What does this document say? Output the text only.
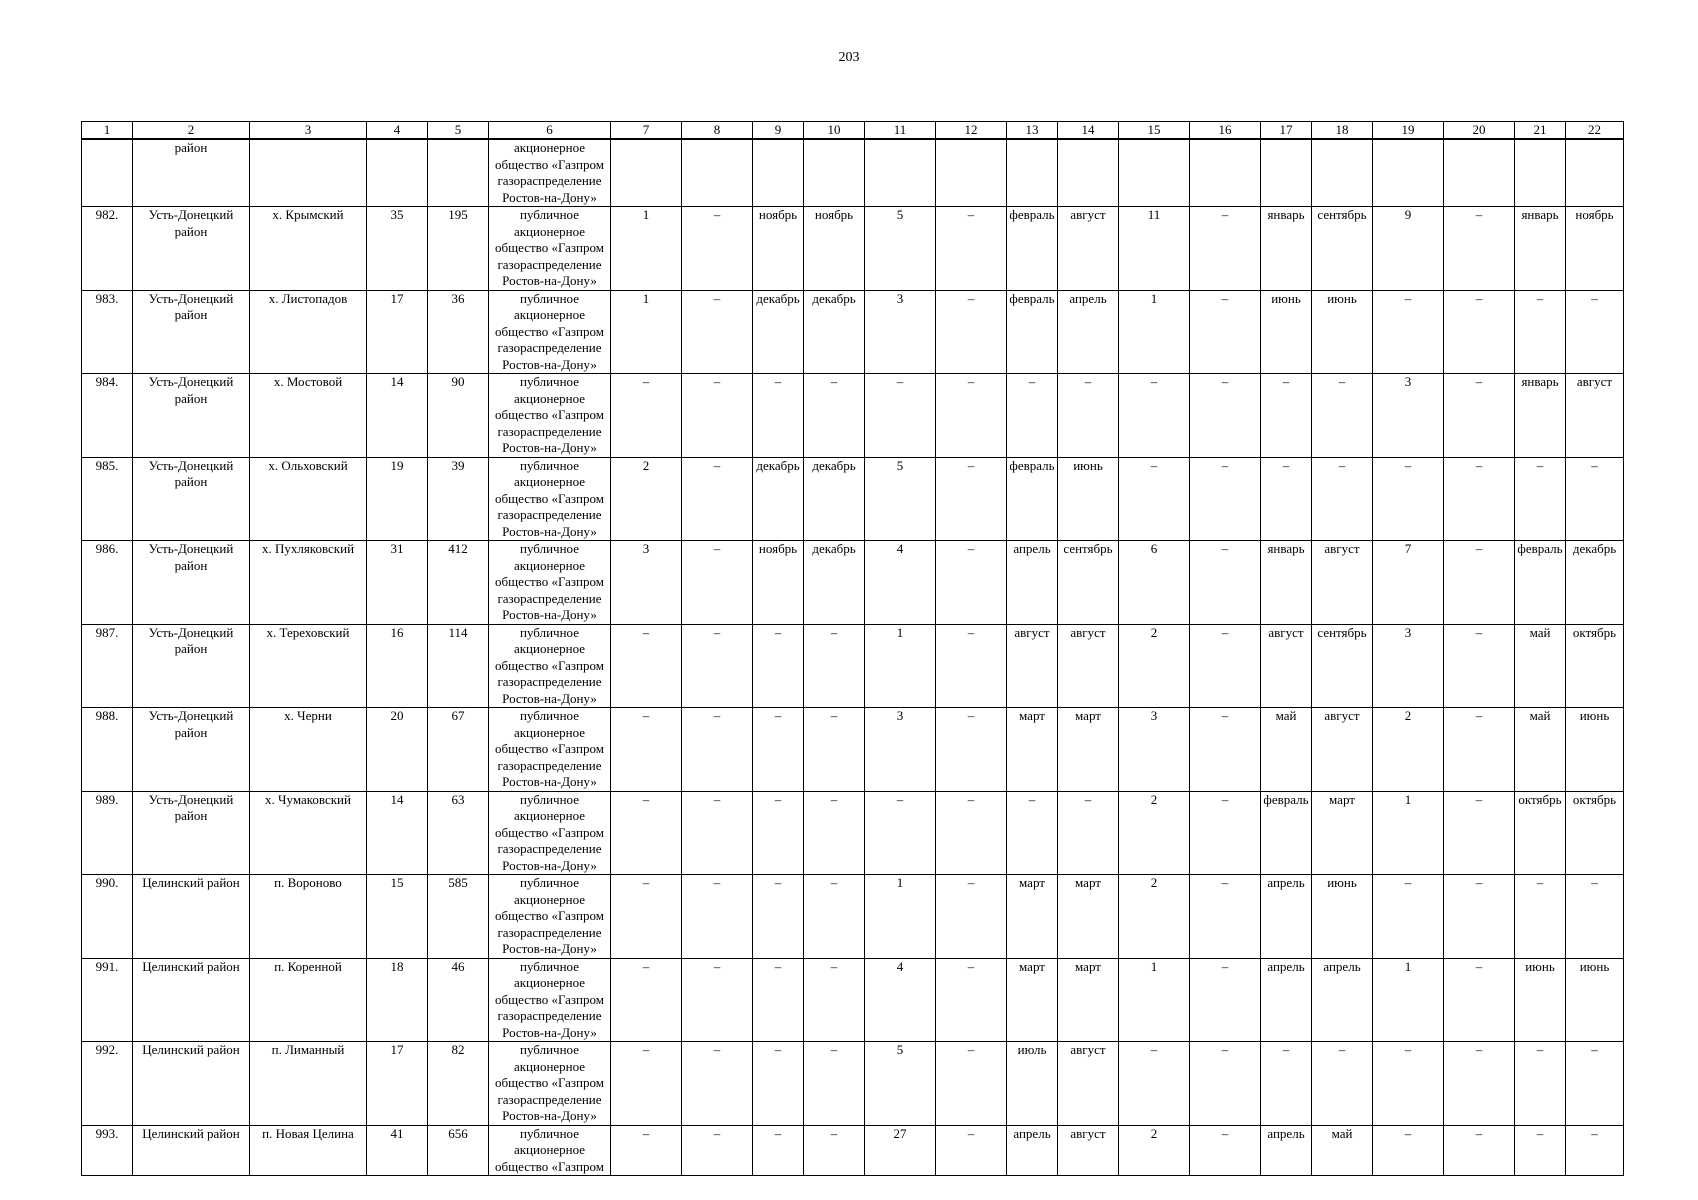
203
1	2	3	4	5	6	7	8	9	10	11	12	13	14	15	16	17	18	19	20	21	22
	район				акционерное общество «Газпром газораспределение Ростов-на-Дону»																
982.	Усть-Донецкий район	х. Крымский	35	195	публичное акционерное общество «Газпром газораспределение Ростов-на-Дону»	1	–	ноябрь	ноябрь	5	–	февраль	август	11	–	январь	сентябрь	9	–	январь	ноябрь
983.	Усть-Донецкий район	х. Листопадов	17	36	публичное акционерное общество «Газпром газораспределение Ростов-на-Дону»	1	–	декабрь	декабрь	3	–	февраль	апрель	1	–	июнь	июнь	–	–	–	–
984.	Усть-Донецкий район	х. Мостовой	14	90	публичное акционерное общество «Газпром газораспределение Ростов-на-Дону»	–	–	–	–	–	–	–	–	–	–	–	–	3	–	январь	август
985.	Усть-Донецкий район	х. Ольховский	19	39	публичное акционерное общество «Газпром газораспределение Ростов-на-Дону»	2	–	декабрь	декабрь	5	–	февраль	июнь	–	–	–	–	–	–	–	–
986.	Усть-Донецкий район	х. Пухляковский	31	412	публичное акционерное общество «Газпром газораспределение Ростов-на-Дону»	3	–	ноябрь	декабрь	4	–	апрель	сентябрь	6	–	январь	август	7	–	февраль	декабрь
987.	Усть-Донецкий район	х. Тереховский	16	114	публичное акционерное общество «Газпром газораспределение Ростов-на-Дону»	–	–	–	–	1	–	август	август	2	–	август	сентябрь	3	–	май	октябрь
988.	Усть-Донецкий район	х. Черни	20	67	публичное акционерное общество «Газпром газораспределение Ростов-на-Дону»	–	–	–	–	3	–	март	март	3	–	май	август	2	–	май	июнь
989.	Усть-Донецкий район	х. Чумаковский	14	63	публичное акционерное общество «Газпром газораспределение Ростов-на-Дону»	–	–	–	–	–	–	–	–	2	–	февраль	март	1	–	октябрь	октябрь
990.	Целинский район	п. Вороново	15	585	публичное акционерное общество «Газпром газораспределение Ростов-на-Дону»	–	–	–	–	1	–	март	март	2	–	апрель	июнь	–	–	–	–
991.	Целинский район	п. Коренной	18	46	публичное акционерное общество «Газпром газораспределение Ростов-на-Дону»	–	–	–	–	4	–	март	март	1	–	апрель	апрель	1	–	июнь	июнь
992.	Целинский район	п. Лиманный	17	82	публичное акционерное общество «Газпром газораспределение Ростов-на-Дону»	–	–	–	–	5	–	июль	август	–	–	–	–	–	–	–	–
993.	Целинский район	п. Новая Целина	41	656	публичное акционерное общество «Газпром	–	–	–	–	27	–	апрель	август	2	–	апрель	май	–	–	–	–
